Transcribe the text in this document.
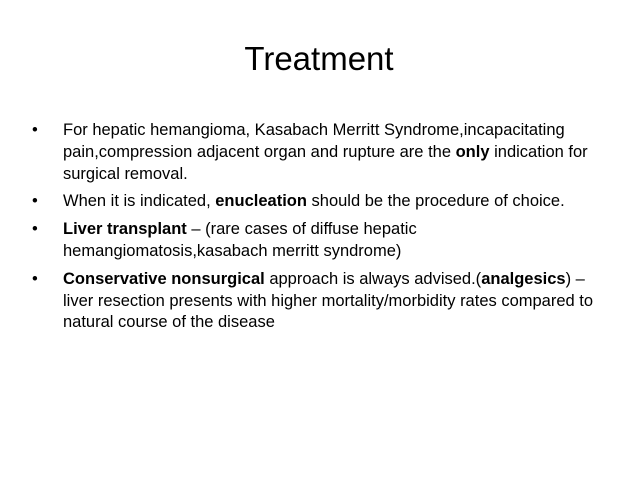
Treatment
•	For hepatic hemangioma, Kasabach Merritt Syndrome,incapacitating pain,compression adjacent organ and rupture are the only indication for surgical removal.
•	When it is indicated, enucleation should be the procedure of choice.
•	Liver transplant – (rare cases of diffuse hepatic hemangiomatosis,kasabach merritt syndrome)
•	Conservative nonsurgical approach is always advised.(analgesics) – liver resection presents with higher mortality/morbidity rates compared to natural course of the disease
